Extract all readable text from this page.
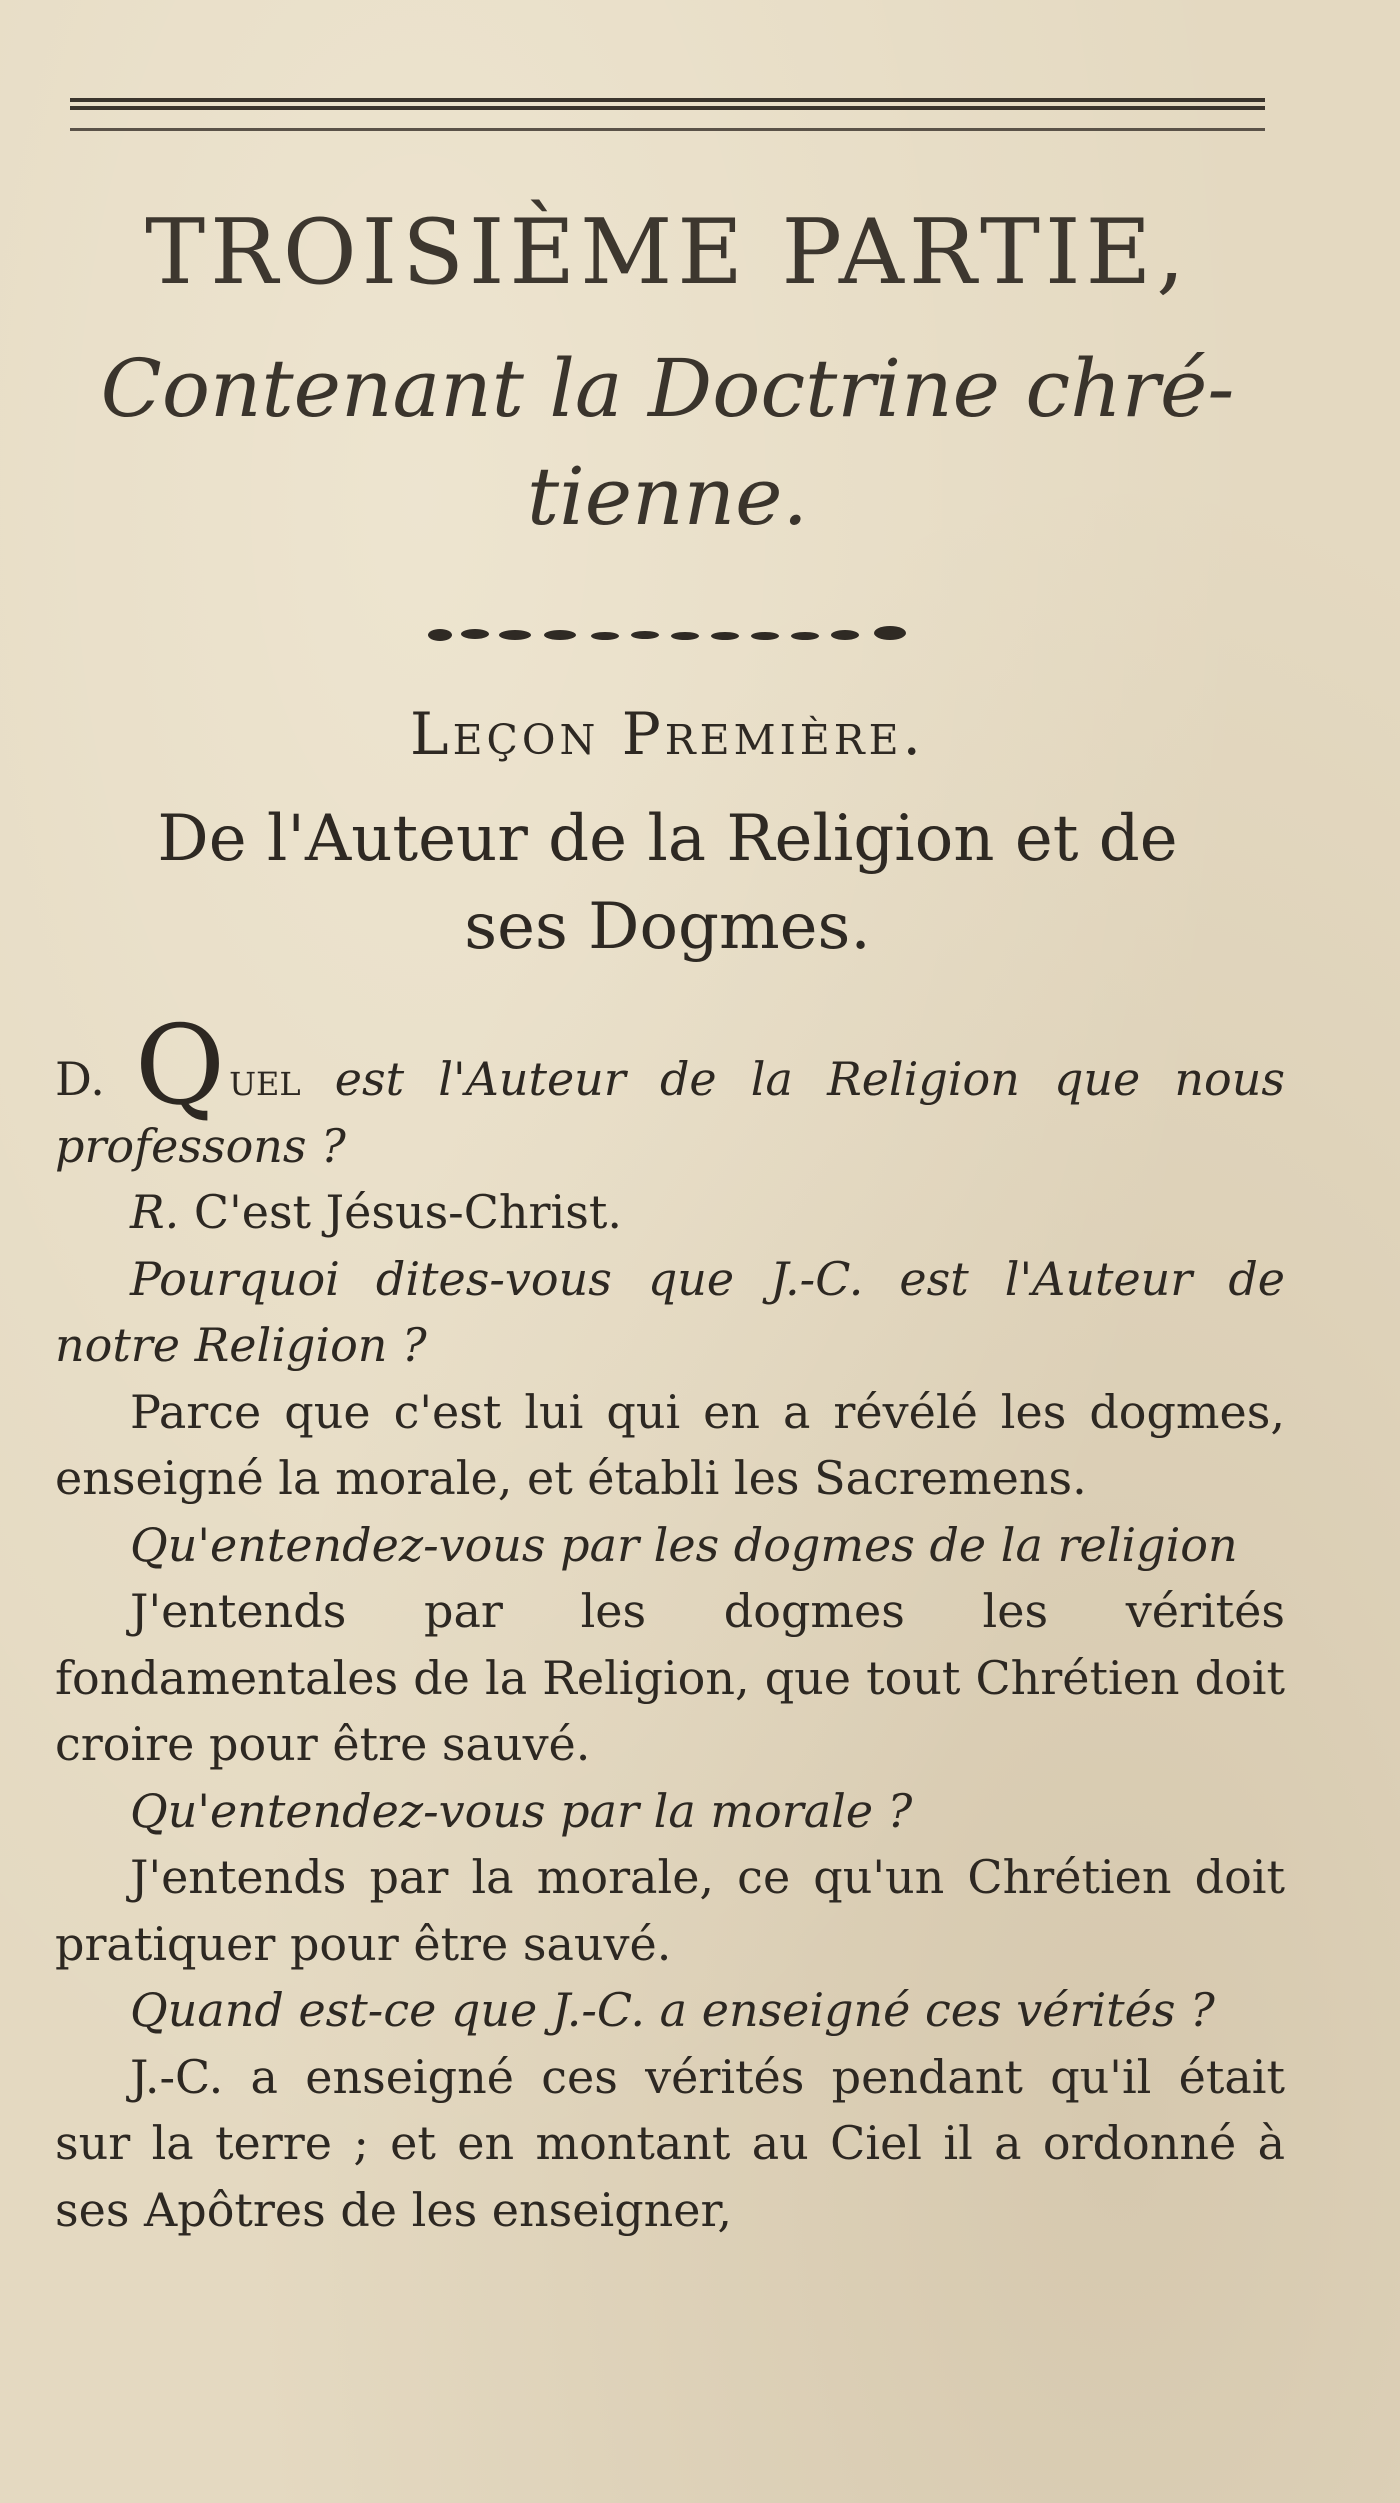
TROISIÈME PARTIE,
Contenant la Doctrine chré-
tienne.
Leçon Première.
De l'Auteur de la Religion et de
ses Dogmes.

D. Quel est l'Auteur de la Religion que nous professons ?

R. C'est Jésus-Christ.

Pourquoi dites-vous que J.-C. est l'Auteur de notre Religion ?

Parce que c'est lui qui en a révélé les dogmes, enseigné la morale, et établi les Sacremens.

Qu'entendez-vous par les dogmes de la religion

J'entends par les dogmes les vérités fondamentales de la Religion, que tout Chrétien doit croire pour être sauvé.

Qu'entendez-vous par la morale ?

J'entends par la morale, ce qu'un Chrétien doit pratiquer pour être sauvé.

Quand est-ce que J.-C. a enseigné ces vérités ?

J.-C. a enseigné ces vérités pendant qu'il était sur la terre ; et en montant au Ciel il a ordonné à ses Apôtres de les enseigner,
